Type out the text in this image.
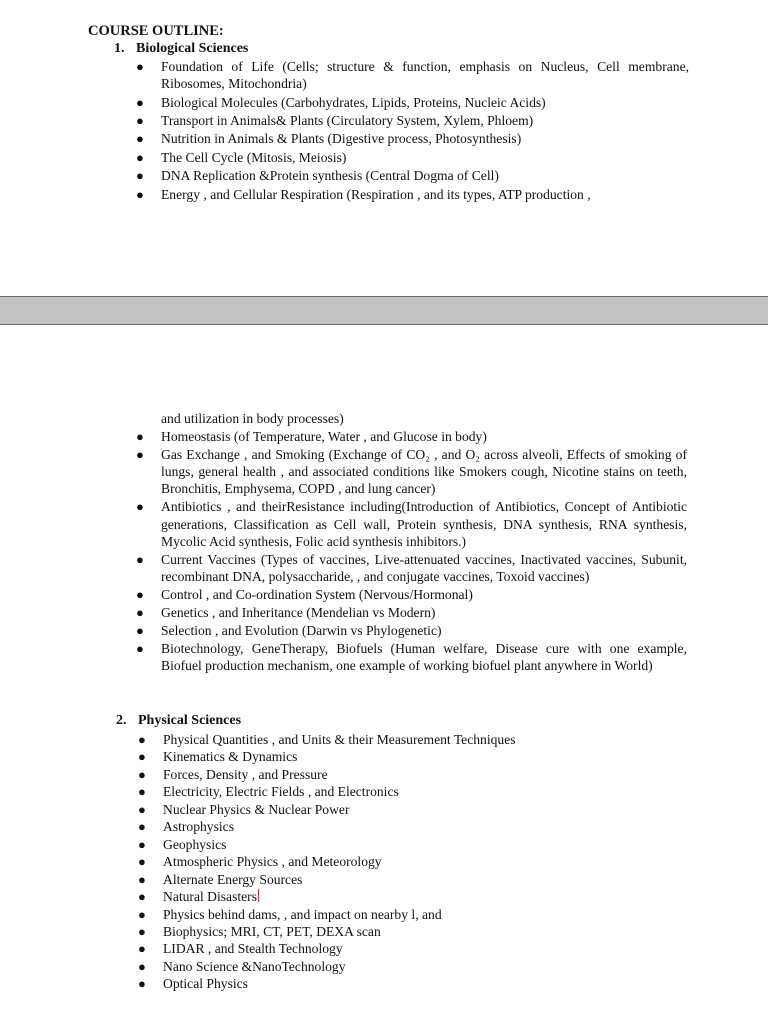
COURSE OUTLINE:
1. Biological Sciences
● Foundation of Life (Cells; structure & function, emphasis on Nucleus, Cell membrane, Ribosomes, Mitochondria)
● Biological Molecules (Carbohydrates, Lipids, Proteins, Nucleic Acids)
● Transport in Animals& Plants (Circulatory System, Xylem, Phloem)
● Nutrition in Animals & Plants (Digestive process, Photosynthesis)
● The Cell Cycle (Mitosis, Meiosis)
● DNA Replication &Protein synthesis (Central Dogma of Cell)
● Energy , and Cellular Respiration (Respiration , and its types, ATP production ,
and utilization in body processes)
● Homeostasis (of Temperature, Water , and Glucose in body)
● Gas Exchange , and Smoking (Exchange of CO₂ , and O₂ across alveoli, Effects of smoking of lungs, general health , and associated conditions like Smokers cough, Nicotine stains on teeth, Bronchitis, Emphysema, COPD , and lung cancer)
● Antibiotics , and theirResistance including(Introduction of Antibiotics, Concept of Antibiotic generations, Classification as Cell wall, Protein synthesis, DNA synthesis, RNA synthesis, Mycolic Acid synthesis, Folic acid synthesis inhibitors.)
● Current Vaccines (Types of vaccines, Live-attenuated vaccines, Inactivated vaccines, Subunit, recombinant DNA, polysaccharide, , and conjugate vaccines, Toxoid vaccines)
● Control , and Co-ordination System (Nervous/Hormonal)
● Genetics , and Inheritance (Mendelian vs Modern)
● Selection , and Evolution (Darwin vs Phylogenetic)
● Biotechnology, GeneTherapy, Biofuels (Human welfare, Disease cure with one example, Biofuel production mechanism, one example of working biofuel plant anywhere in World)
2. Physical Sciences
● Physical Quantities , and Units & their Measurement Techniques
● Kinematics & Dynamics
● Forces, Density , and Pressure
● Electricity, Electric Fields , and Electronics
● Nuclear Physics & Nuclear Power
● Astrophysics
● Geophysics
● Atmospheric Physics , and Meteorology
● Alternate Energy Sources
● Natural Disasters
● Physics behind dams, , and impact on nearby l, and
● Biophysics; MRI, CT, PET, DEXA scan
● LIDAR , and Stealth Technology
● Nano Science &NanoTechnology
● Optical Physics
